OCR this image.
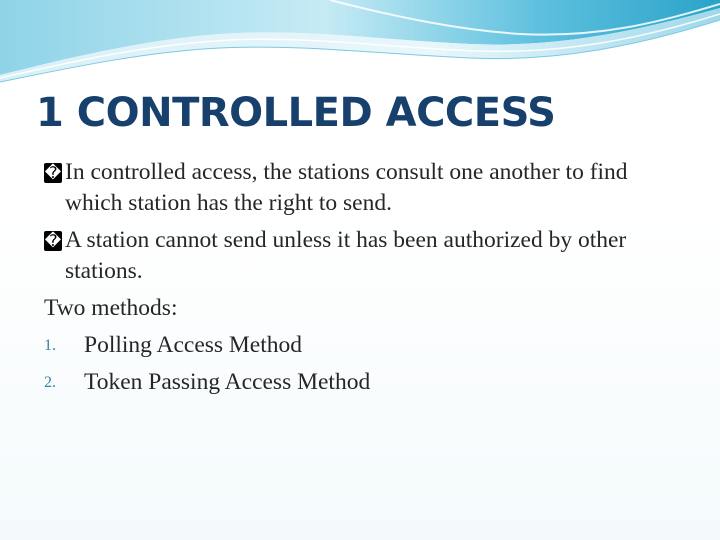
1 CONTROLLED ACCESS
� In controlled access, the stations consult one another to find which station has the right to send.
� A station cannot send unless it has been authorized by other stations.
Two methods:
1. Polling Access Method
2. Token Passing Access Method
